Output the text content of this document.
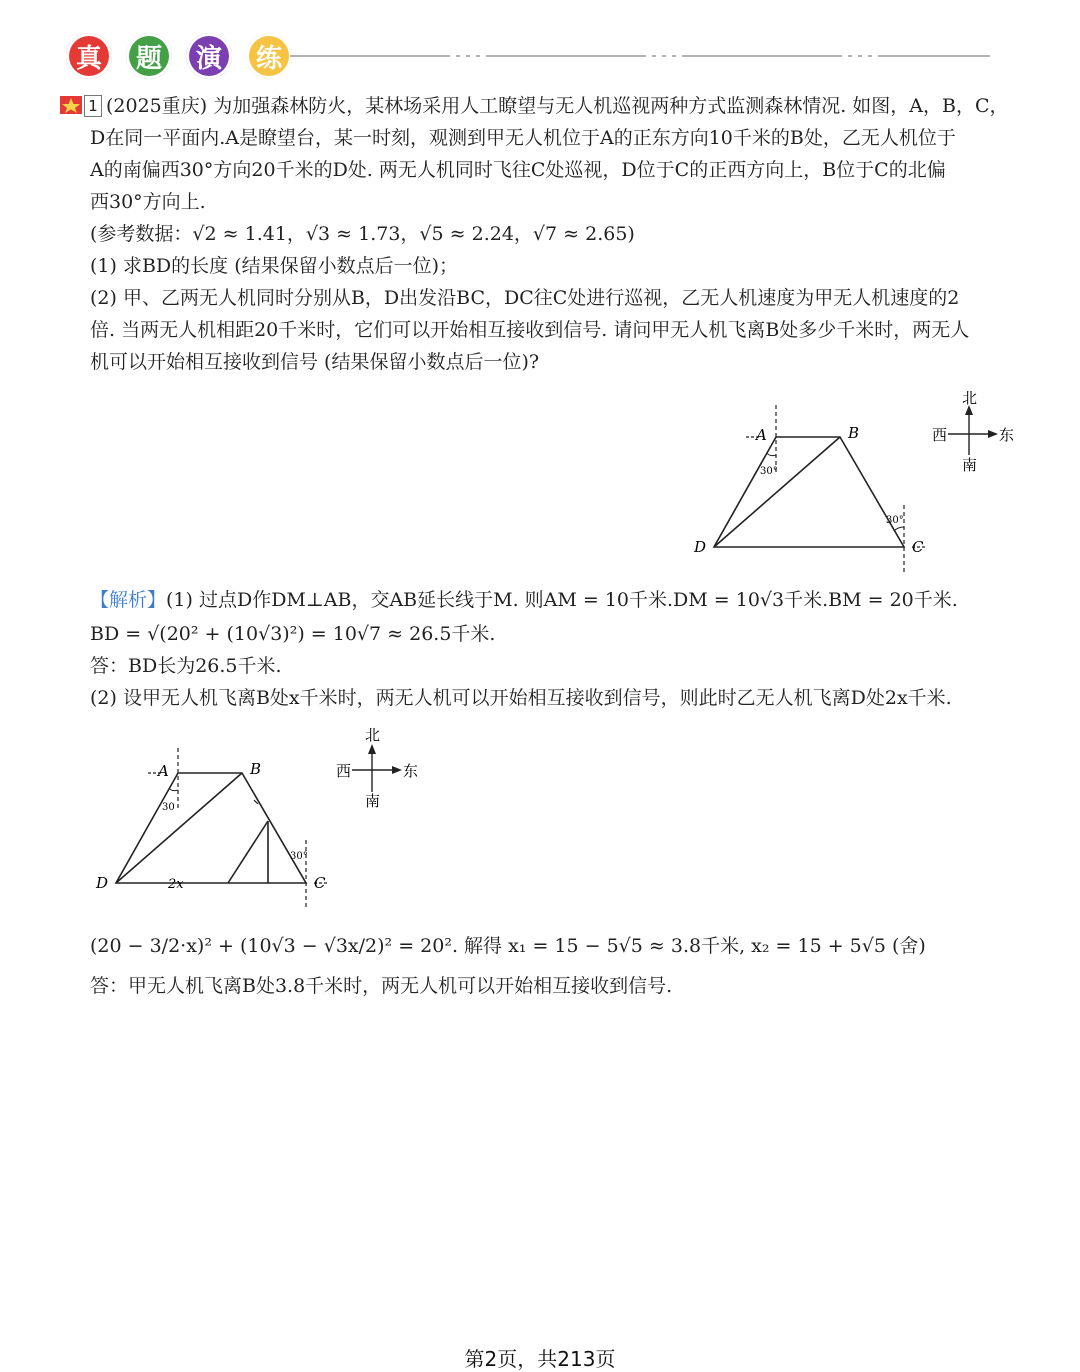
真	题	演	练
1 (2025重庆) 为加强森林防火，某林场采用人工瞭望与无人机巡视两种方式监测森林情况. 如图，A，B，C，
D在同一平面内.A是瞭望台，某一时刻，观测到甲无人机位于A的正东方向10千米的B处，乙无人机位于
A的南偏西30°方向20千米的D处. 两无人机同时飞往C处巡视，D位于C的正西方向上，B位于C的北偏
西30°方向上.
(参考数据：√2 ≈ 1.41，√3 ≈ 1.73，√5 ≈ 2.24，√7 ≈ 2.65)
(1) 求BD的长度 (结果保留小数点后一位)；
(2) 甲、乙两无人机同时分别从B，D出发沿BC，DC往C处进行巡视，乙无人机速度为甲无人机速度的2
倍. 当两无人机相距20千米时，它们可以开始相互接收到信号. 请问甲无人机飞离B处多少千米时，两无人
机可以开始相互接收到信号 (结果保留小数点后一位)?
A	B
C
D
30°
30°
北
南
西	东
【解析】(1) 过点D作DM⊥AB，交AB延长线于M. 则AM = 10千米.DM = 10√3千米.BM = 20千米.
BD = √(20² + (10√3)²) = 10√7 ≈ 26.5千米.
答：BD长为26.5千米.
(2) 设甲无人机飞离B处x千米时，两无人机可以开始相互接收到信号，则此时乙无人机飞离D处2x千米.
A	B
C
D
30
30°
2x
北
南
西	东
(20 − 3/2·x)² + (10√3 − √3x/2)² = 20². 解得 x₁ = 15 − 5√5 ≈ 3.8千米, x₂ = 15 + 5√5 (舍)
答：甲无人机飞离B处3.8千米时，两无人机可以开始相互接收到信号.
第2页，共213页
